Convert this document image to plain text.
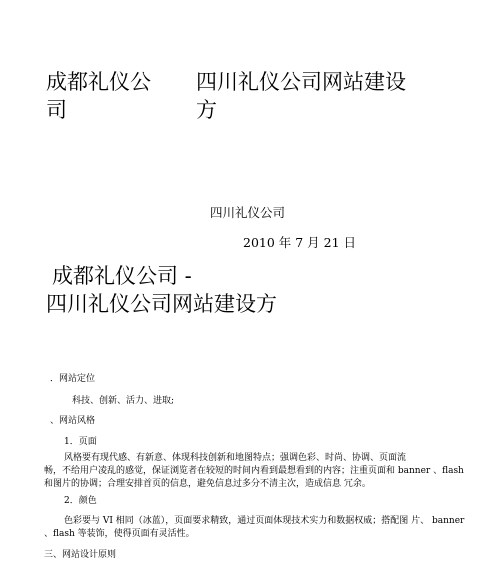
成都礼仪公
司
四川礼仪公司网站建设
方
四川礼仪公司
2010 年 7 月 21 日
成都礼仪公司 -
四川礼仪公司网站建设方
．网站定位
科技、创新、活力、进取;
、网站风格
1．页面
风格要有现代感、有新意、体现科技创新和地图特点；强调色彩、时尚、协调、页面流
畅，不给用户凌乱的感觉，保证浏览者在较短的时间内看到最想看到的内容；注重页面和 banner 、flash
和图片的协调；合理安排首页的信息，避免信息过多分不清主次，造成信息 冗余。
2．颜色
色彩要与 VI 相同（冰蓝），页面要求精致，通过页面体现技术实力和数据权威；搭配图 片、 banner
、flash 等装饰，使得页面有灵活性。
三、网站设计原则
